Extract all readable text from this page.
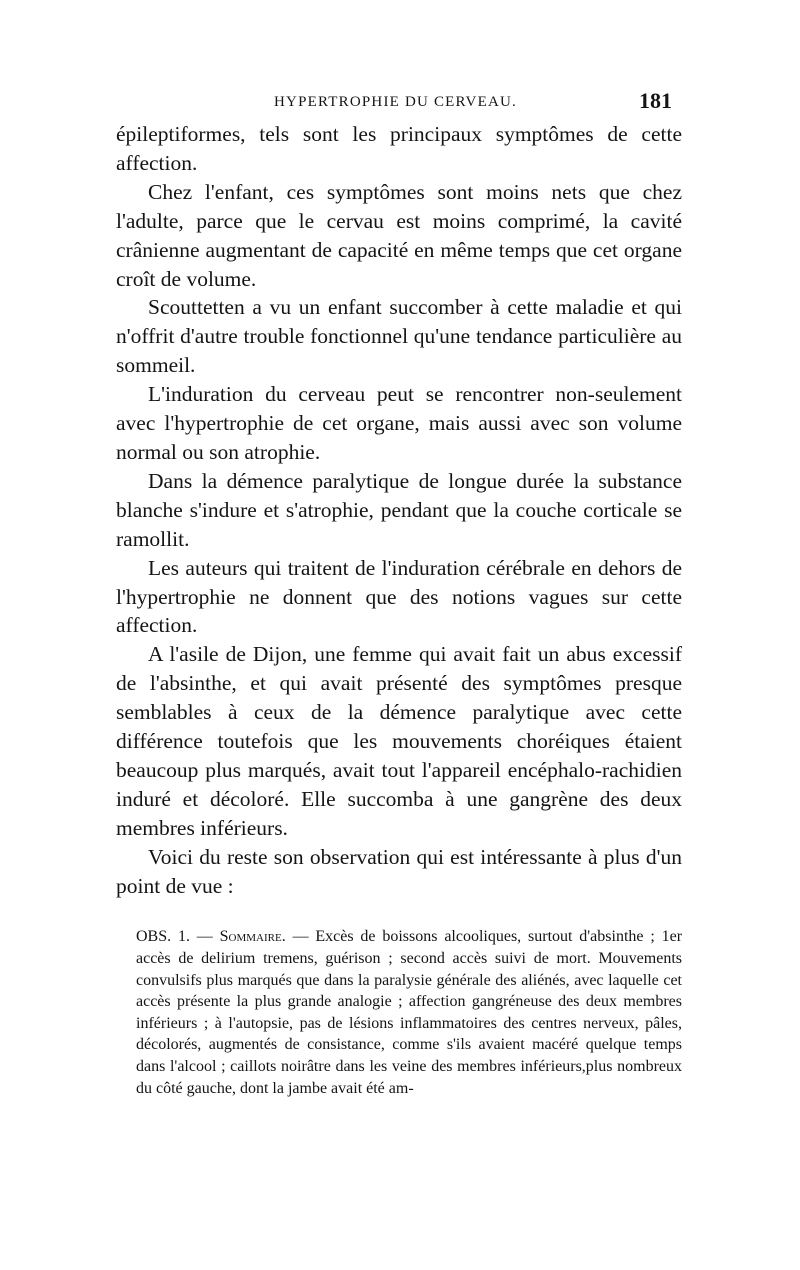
HYPERTROPHIE DU CERVEAU.	181

épileptiformes, tels sont les principaux symptômes de cette affection.

Chez l'enfant, ces symptômes sont moins nets que chez l'adulte, parce que le cervau est moins comprimé, la cavité crânienne augmentant de capacité en même temps que cet organe croît de volume.

Scouttetten a vu un enfant succomber à cette maladie et qui n'offrit d'autre trouble fonctionnel qu'une tendance particulière au sommeil.

L'induration du cerveau peut se rencontrer non-seulement avec l'hypertrophie de cet organe, mais aussi avec son volume normal ou son atrophie.

Dans la démence paralytique de longue durée la substance blanche s'indure et s'atrophie, pendant que la couche corticale se ramollit.

Les auteurs qui traitent de l'induration cérébrale en dehors de l'hypertrophie ne donnent que des notions vagues sur cette affection.

A l'asile de Dijon, une femme qui avait fait un abus excessif de l'absinthe, et qui avait présenté des symptômes presque semblables à ceux de la démence paralytique avec cette différence toutefois que les mouvements choréiques étaient beaucoup plus marqués, avait tout l'appareil encéphalo-rachidien induré et décoloré. Elle succomba à une gangrène des deux membres inférieurs.

Voici du reste son observation qui est intéressante à plus d'un point de vue :

OBS. 1. — Sommaire. — Excès de boissons alcooliques, surtout d'absinthe ; 1er accès de delirium tremens, guérison ; second accès suivi de mort. Mouvements convulsifs plus marqués que dans la paralysie générale des aliénés, avec laquelle cet accès présente la plus grande analogie ; affection gangréneuse des deux membres inférieurs ; à l'autopsie, pas de lésions inflammatoires des centres nerveux, pâles, décolorés, augmentés de consistance, comme s'ils avaient macéré quelque temps dans l'alcool ; caillots noirâtre dans les veine des membres inférieurs,plus nombreux du côté gauche, dont la jambe avait été am-
